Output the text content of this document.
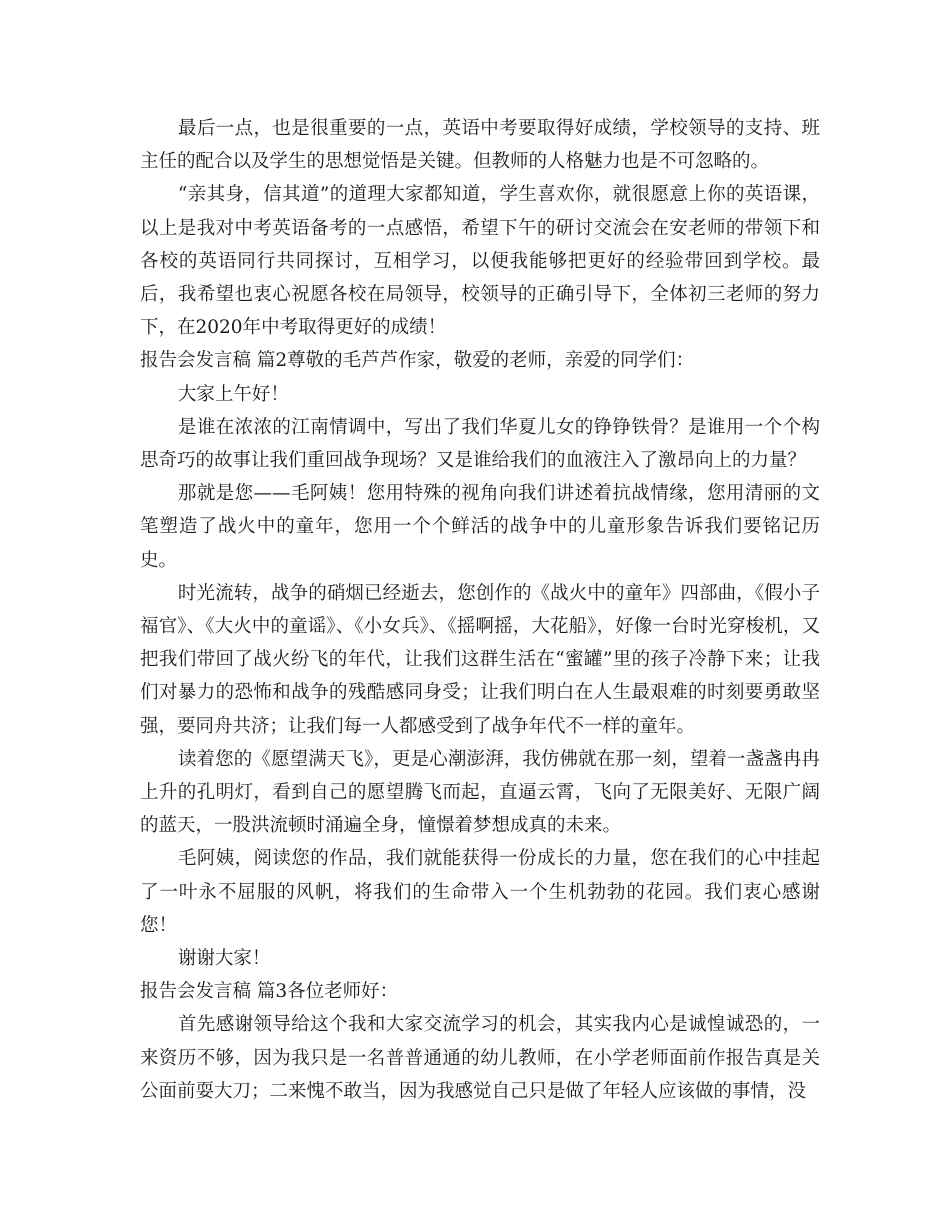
最后一点，也是很重要的一点，英语中考要取得好成绩，学校领导的支持、班主任的配合以及学生的思想觉悟是关键。但教师的人格魅力也是不可忽略的。

“亲其身，信其道”的道理大家都知道，学生喜欢你，就很愿意上你的英语课，以上是我对中考英语备考的一点感悟，希望下午的研讨交流会在安老师的带领下和各校的英语同行共同探讨，互相学习，以便我能够把更好的经验带回到学校。最后，我希望也衷心祝愿各校在局领导，校领导的正确引导下，全体初三老师的努力下，在2020年中考取得更好的成绩！

报告会发言稿 篇2尊敬的毛芦芦作家，敬爱的老师，亲爱的同学们：

大家上午好！

是谁在浓浓的江南情调中，写出了我们华夏儿女的铮铮铁骨？是谁用一个个构思奇巧的故事让我们重回战争现场？又是谁给我们的血液注入了激昂向上的力量？

那就是您——毛阿姨！您用特殊的视角向我们讲述着抗战情缘，您用清丽的文笔塑造了战火中的童年，您用一个个鲜活的战争中的儿童形象告诉我们要铭记历史。

时光流转，战争的硝烟已经逝去，您创作的《战火中的童年》四部曲，《假小子福官》、《大火中的童谣》、《小女兵》、《摇啊摇，大花船》，好像一台时光穿梭机，又把我们带回了战火纷飞的年代，让我们这群生活在“蜜罐”里的孩子冷静下来；让我们对暴力的恐怖和战争的残酷感同身受；让我们明白在人生最艰难的时刻要勇敢坚强，要同舟共济；让我们每一人都感受到了战争年代不一样的童年。

读着您的《愿望满天飞》，更是心潮澎湃，我仿佛就在那一刻，望着一盏盏冉冉上升的孔明灯，看到自己的愿望腾飞而起，直逼云霄，飞向了无限美好、无限广阔的蓝天，一股洪流顿时涌遍全身，憧憬着梦想成真的未来。

毛阿姨，阅读您的作品，我们就能获得一份成长的力量，您在我们的心中挂起了一叶永不屈服的风帆，将我们的生命带入一个生机勃勃的花园。我们衷心感谢您！

谢谢大家！

报告会发言稿 篇3各位老师好：

首先感谢领导给这个我和大家交流学习的机会，其实我内心是诚惶诚恐的，一来资历不够，因为我只是一名普普通通的幼儿教师，在小学老师面前作报告真是关公面前耍大刀；二来愧不敢当，因为我感觉自己只是做了年轻人应该做的事情，没
